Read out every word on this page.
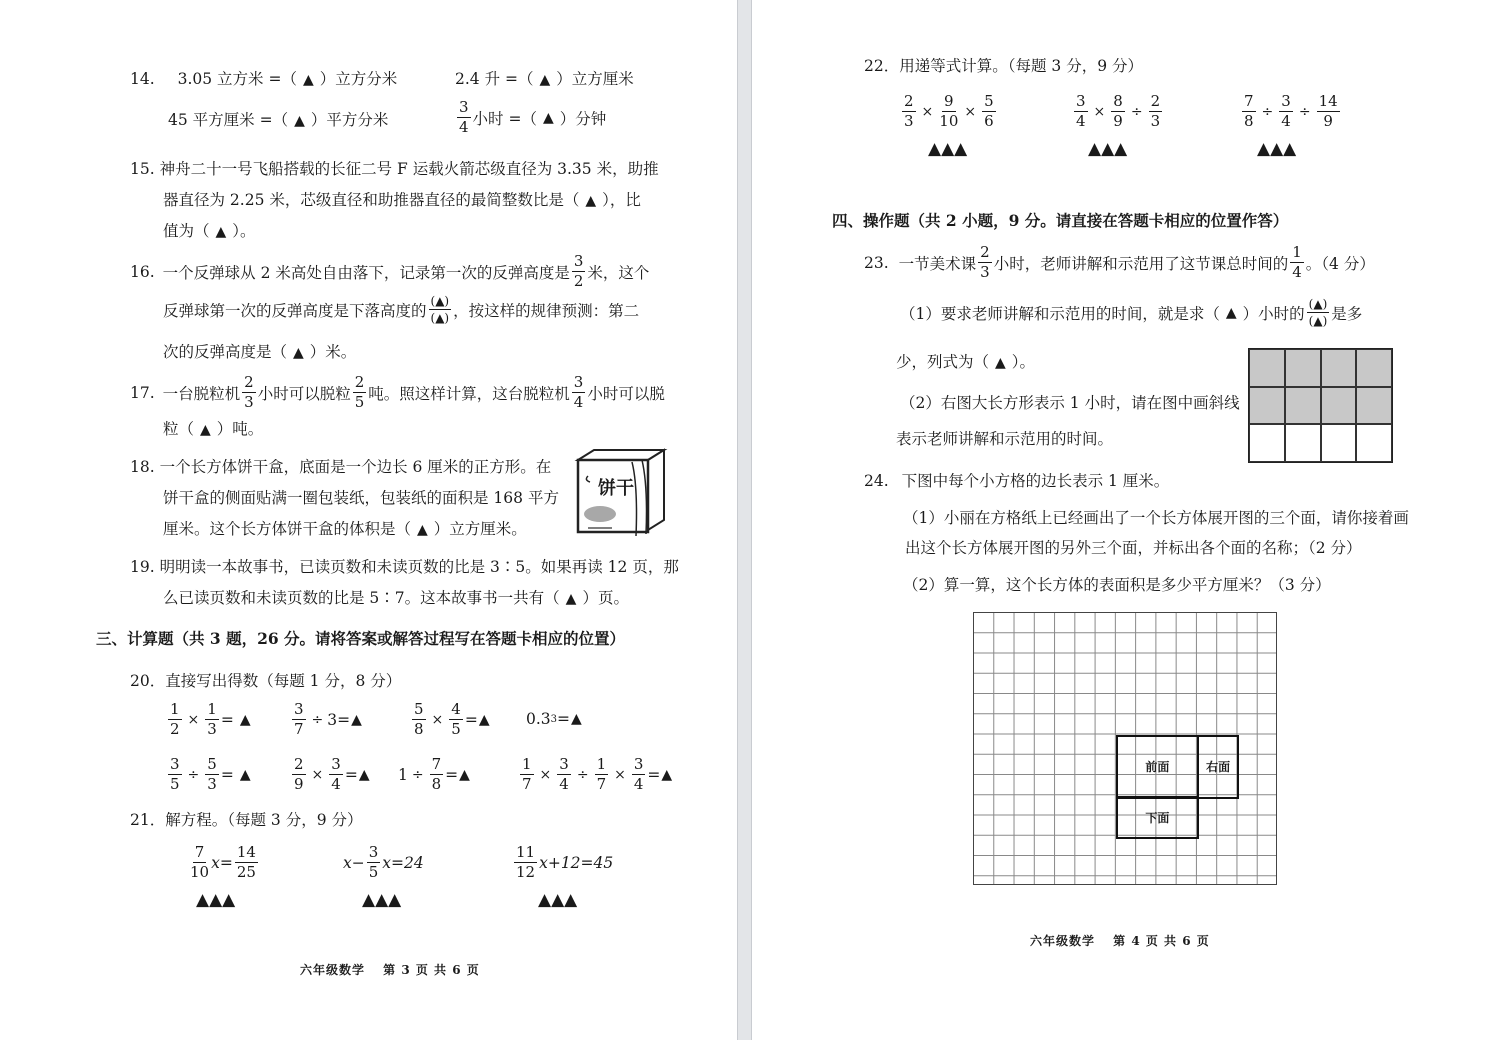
14. 3.05 立方米 =（ ▲ ）立方分米	2.4 升 =（ ▲ ）立方厘米
45 平方厘米 =（ ▲ ）平方分米	$\frac{3}{4}$ 小时 =（ ▲ ）分钟
15. 神舟二十一号飞船搭载的长征二号 F 运载火箭芯级直径为 3.35 米，助推
器直径为 2.25 米，芯级直径和助推器直径的最简整数比是（ ▲ ），比
值为（ ▲ ）。
16. 一个反弹球从 2 米高处自由落下，记录第一次的反弹高度是 $\frac{3}{2}$ 米，这个
反弹球第一次的反弹高度是下落高度的 $\frac{(▲)}{(▲)}$ ，按这样的规律预测：第二
次的反弹高度是（ ▲ ）米。
17. 一台脱粒机 $\frac{2}{3}$ 小时可以脱粒 $\frac{2}{5}$ 吨。照这样计算，这台脱粒机 $\frac{3}{4}$ 小时可以脱
粒（ ▲ ）吨。
18. 一个长方体饼干盒，底面是一个边长 6 厘米的正方形。在
饼干盒的侧面贴满一圈包装纸，包装纸的面积是 168 平方
厘米。这个长方体饼干盒的体积是（ ▲ ）立方厘米。
饼干
19. 明明读一本故事书，已读页数和未读页数的比是 3∶5。如果再读 12 页，那
么已读页数和未读页数的比是 5∶7。这本故事书一共有（ ▲ ）页。
三、计算题（共 3 题，26 分。请将答案或解答过程写在答题卡相应的位置）
20．直接写出得数（每题 1 分，8 分）
$\frac{1}{2} \times \frac{1}{3}$ = ▲	$\frac{3}{7} \div 3$ = ▲	$\frac{5}{8} \times \frac{4}{5}$ = ▲ 0.3 3 = ▲
$\frac{3}{5} \div \frac{5}{3}$ = ▲	$\frac{2}{9} \times \frac{3}{4}$ = ▲ $1 \div \frac{7}{8}$ = ▲	$\frac{1}{7} \times \frac{3}{4} \div \frac{1}{7} \times \frac{3}{4}$ = ▲
21．解方程。（每题 3 分，9 分）
$\frac{7}{10} x= \frac{14}{25}$	$x- \frac{3}{5} x=24$	$\frac{11}{12} x+12=45$
▲▲▲	▲▲▲	▲▲▲
六年级数学　 第 3 页 共 6 页
22．用递等式计算。（每题 3 分，9 分）
$\frac{2}{3} \times \frac{9}{10} \times \frac{5}{6}$	$\frac{3}{4} \times \frac{8}{9} \div \frac{2}{3}$	$\frac{7}{8} \div \frac{3}{4} \div \frac{14}{9}$
▲▲▲	▲▲▲	▲▲▲
四、操作题（共 2 小题，9 分。请直接在答题卡相应的位置作答）
23. 一节美术课 $\frac{2}{3}$ 小时，老师讲解和示范用了这节课总时间的 $\frac{1}{4}$ 。（4 分）
（1）要求老师讲解和示范用的时间，就是求（ ▲ ）小时的 $\frac{(▲)}{(▲)}$ 是多
少，列式为（ ▲ ）。
（2）右图大长方形表示 1 小时，请在图中画斜线
表示老师讲解和示范用的时间。
24. 下图中每个小方格的边长表示 1 厘米。
（1）小丽在方格纸上已经画出了一个长方体展开图的三个面，请你接着画
出这个长方体展开图的另外三个面，并标出各个面的名称；（2 分）
（2）算一算，这个长方体的表面积是多少平方厘米？（3 分）
前面	右面
下面
六年级数学　 第 4 页 共 6 页
